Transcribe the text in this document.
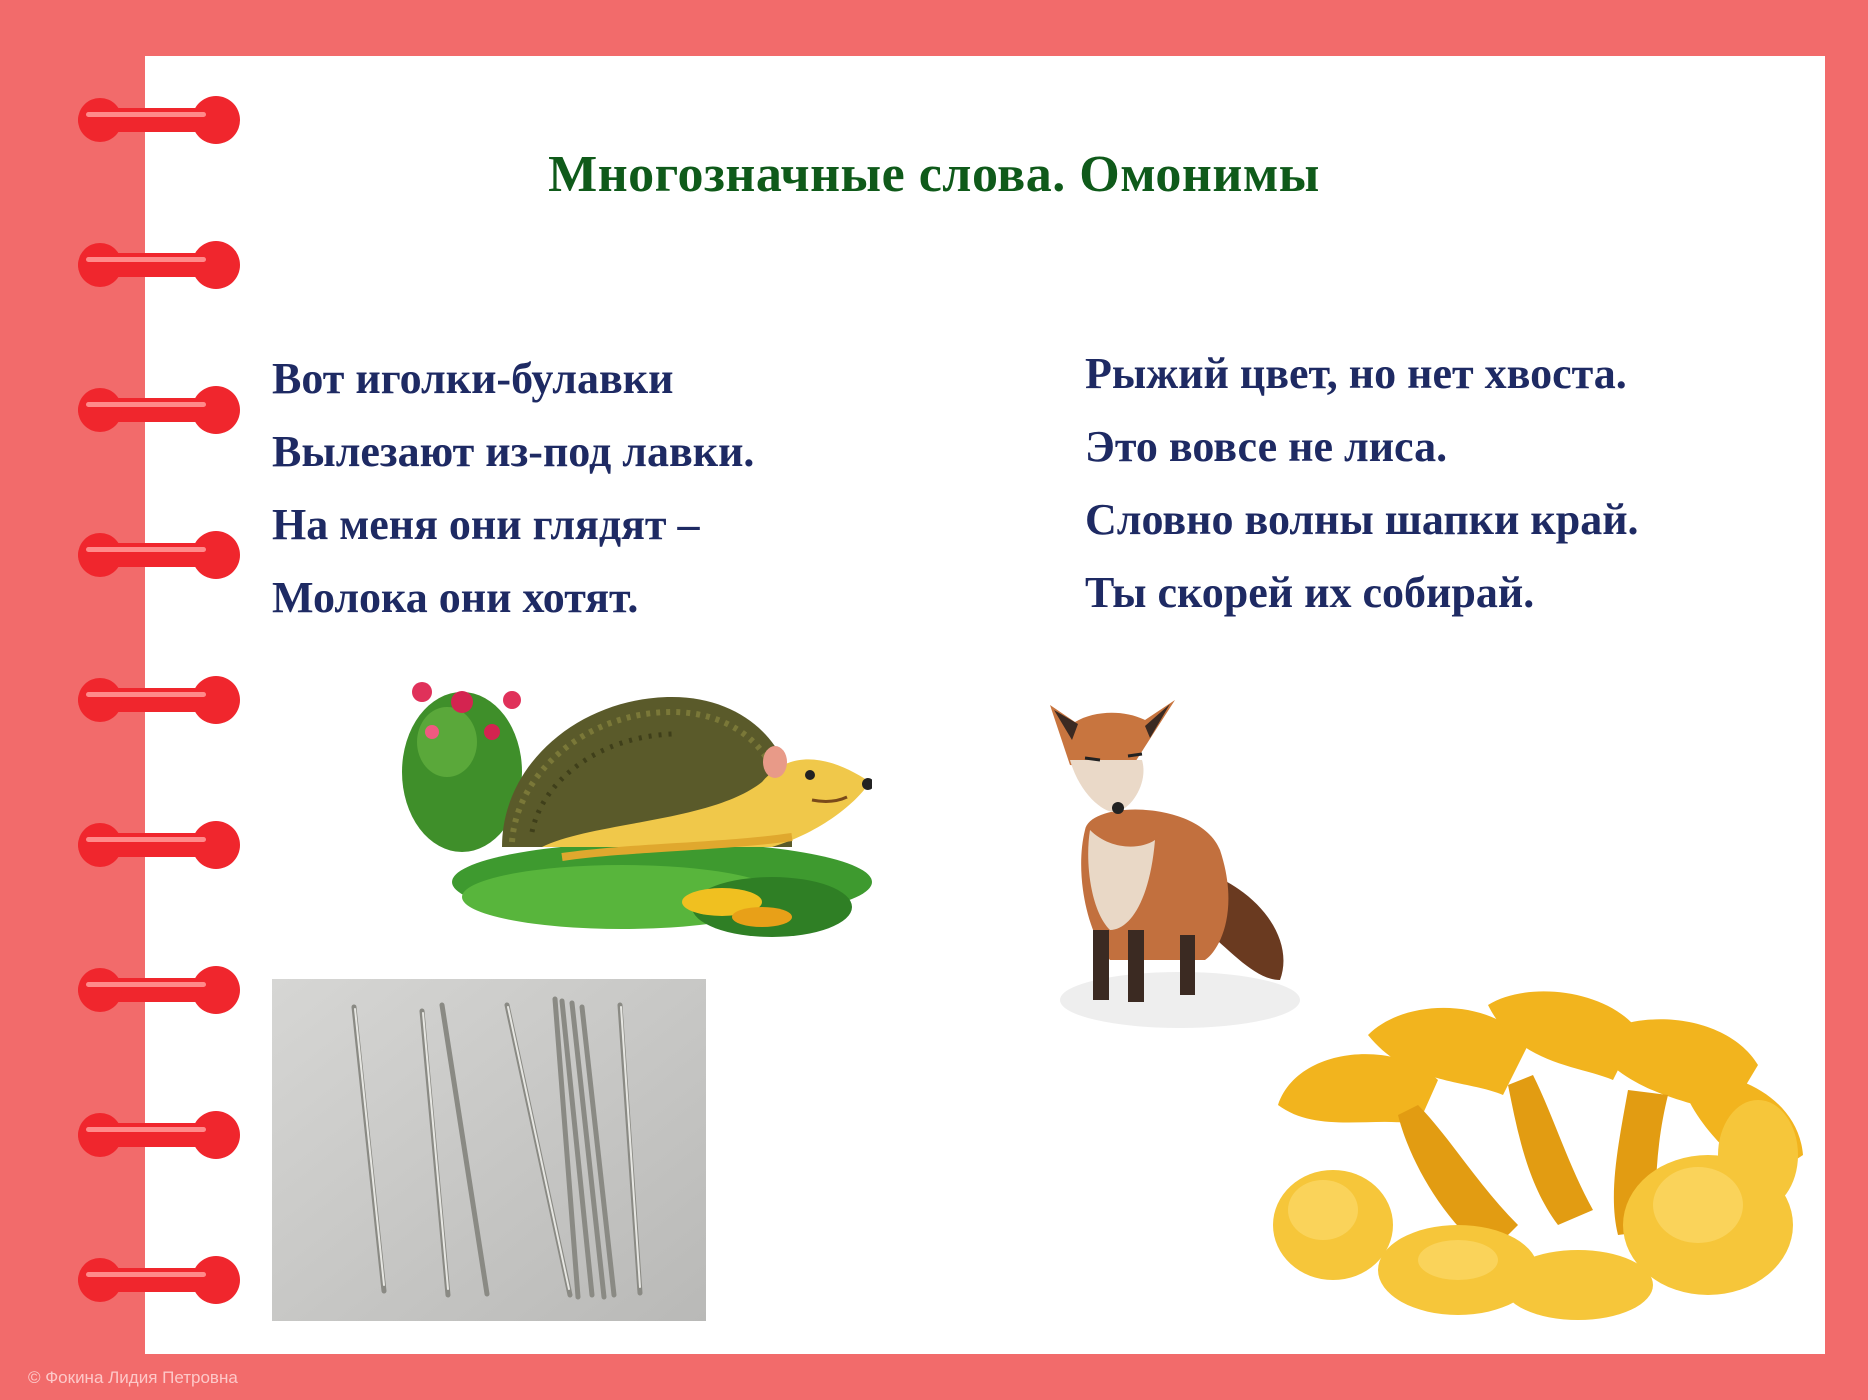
Многозначные слова. Омонимы
Вот иголки-булавки
Вылезают из-под лавки.
На меня они глядят –
Молока они хотят.
Рыжий цвет, но нет хвоста.
Это вовсе не лиса.
Словно волны шапки край.
Ты скорей их собирай.
© Фокина Лидия Петровна
